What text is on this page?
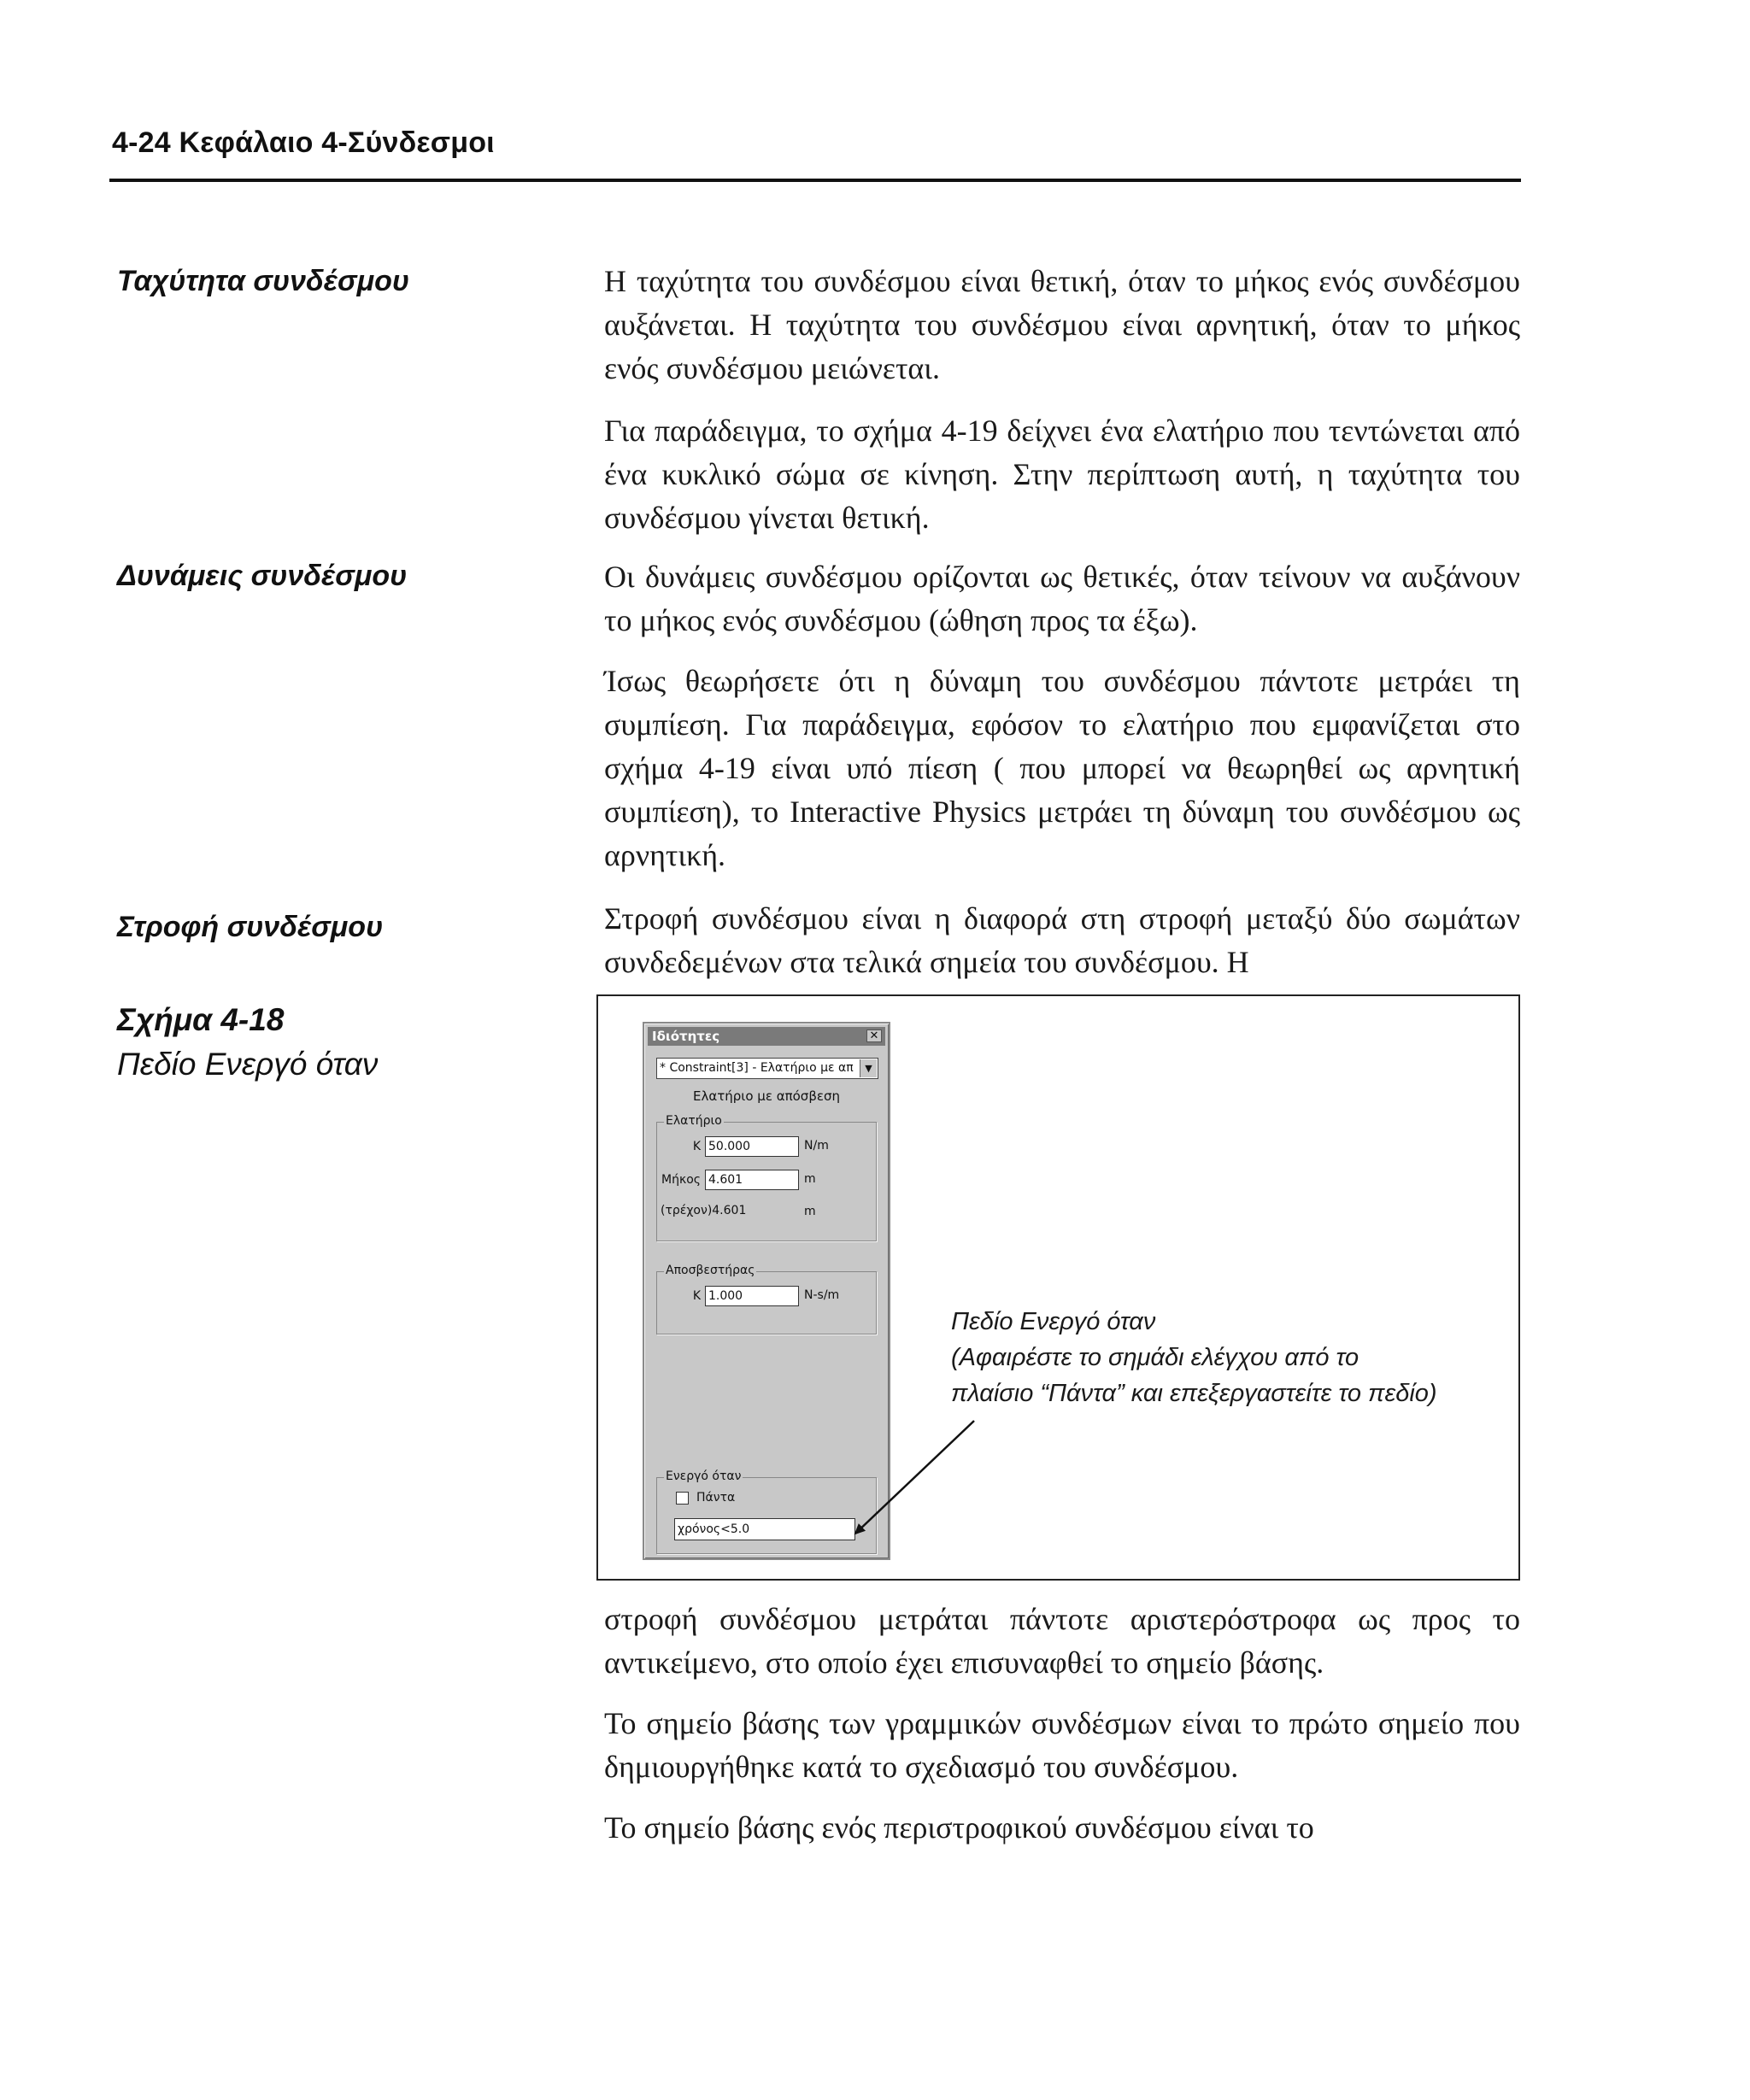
4-24 Κεφάλαιο 4-Σύνδεσμοι
Ταχύτητα συνδέσμου
Δυνάμεις συνδέσμου
Στροφή συνδέσμου
Σχήμα 4-18
Πεδίο Ενεργό όταν

Η ταχύτητα του συνδέσμου είναι θετική, όταν το μήκος ενός συνδέσμου αυξάνεται. Η ταχύτητα του συνδέσμου είναι αρνητική, όταν το μήκος ενός συνδέσμου μειώνεται.

Για παράδειγμα, το σχήμα 4-19 δείχνει ένα ελατήριο που τεντώνεται από ένα κυκλικό σώμα σε κίνηση. Στην περίπτωση αυτή, η ταχύτητα του συνδέσμου γίνεται θετική.

Οι δυνάμεις συνδέσμου ορίζονται ως θετικές, όταν τείνουν να αυξάνουν το μήκος ενός συνδέσμου (ώθηση προς τα έξω).

Ίσως θεωρήσετε ότι η δύναμη του συνδέσμου πάντοτε μετράει τη συμπίεση. Για παράδειγμα, εφόσον το ελατήριο που εμφανίζεται στο σχήμα 4-19 είναι υπό πίεση ( που μπορεί να θεωρηθεί ως αρνητική συμπίεση), το Interactive Physics μετράει τη δύναμη του συνδέσμου ως αρνητική.

Στροφή συνδέσμου είναι η διαφορά στη στροφή μεταξύ δύο σωμάτων συνδεδεμένων στα τελικά σημεία του συνδέσμου. Η

στροφή συνδέσμου μετράται πάντοτε αριστερόστροφα ως προς το αντικείμενο, στο οποίο έχει επισυναφθεί το σημείο βάσης.

Το σημείο βάσης των γραμμικών συνδέσμων είναι το πρώτο σημείο που δημιουργήθηκε κατά το σχεδιασμό του συνδέσμου.

Το σημείο βάσης ενός περιστροφικού συνδέσμου είναι το

Ιδιότητες	✕
* Constraint[3] - Ελατήριο με απ	▼
Ελατήριο με απόσβεση
Ελατήριο
K 50.000	N/m
Μήκος 4.601	m
(τρέχον)4.601	m
Αποσβεστήρας
K 1.000	N-s/m
Ενεργό όταν
Πάντα
χρόνος<5.0
Πεδίο Ενεργό όταν
(Αφαιρέστε το σημάδι ελέγχου από το
πλαίσιο “Πάντα” και επεξεργαστείτε το πεδίο)
